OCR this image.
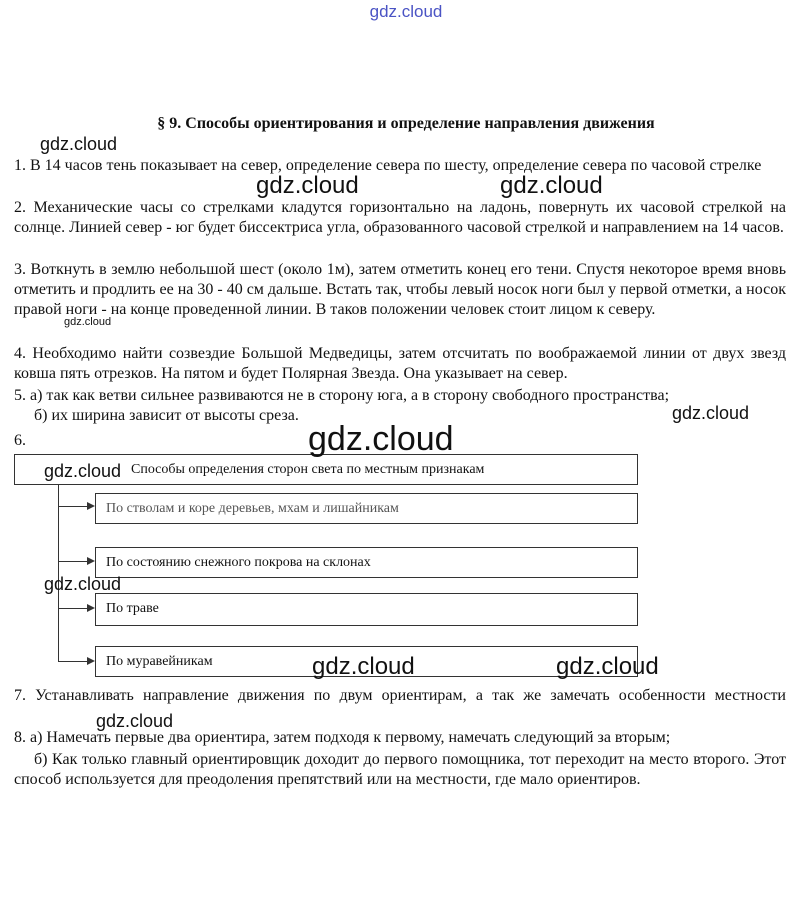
gdz.cloud
§ 9. Способы ориентирования и определение направления движения
1. В 14 часов тень показывает на север, определение севера по шесту, определение севера по часовой стрелке
2. Механические часы со стрелками кладутся горизонтально на ладонь, повернуть их часовой стрелкой на солнце. Линией север - юг будет биссектриса угла, образованного часовой стрелкой и направлением на 14 часов.
3. Воткнуть в землю небольшой шест (около 1м), затем отметить конец его тени. Спустя некоторое время вновь отметить и продлить ее на 30 - 40 см дальше. Встать так, чтобы левый носок ноги был у первой отметки, а носок правой ноги - на конце проведенной линии. В таков положении человек стоит лицом к северу.
4. Необходимо найти созвездие Большой Медведицы, затем отсчитать по воображаемой линии от двух звезд ковша пять отрезков. На пятом и будет Полярная Звезда. Она указывает на север.
5. а) так как ветви сильнее развиваются не в сторону юга, а в сторону свободного пространства;
б) их ширина зависит от высоты среза.
6.
Способы определения сторон света по местным признакам
По стволам и коре деревьев, мхам и лишайникам
По состоянию снежного покрова на склонах
По траве
По муравейникам
7. Устанавливать направление движения по двум ориентирам, а так же замечать особенности местности
8. а) Намечать первые два ориентира, затем подходя к первому, намечать следующий за вторым;
б) Как только главный ориентировщик доходит до первого помощника, тот переходит на место второго. Этот способ используется для преодоления препятствий или на местности, где мало ориентиров.
gdz.cloud
gdz.cloud	gdz.cloud
gdz.cloud
gdz.cloud
gdz.cloud
gdz.cloud
gdz.cloud
gdz.cloud	gdz.cloud
gdz.cloud
